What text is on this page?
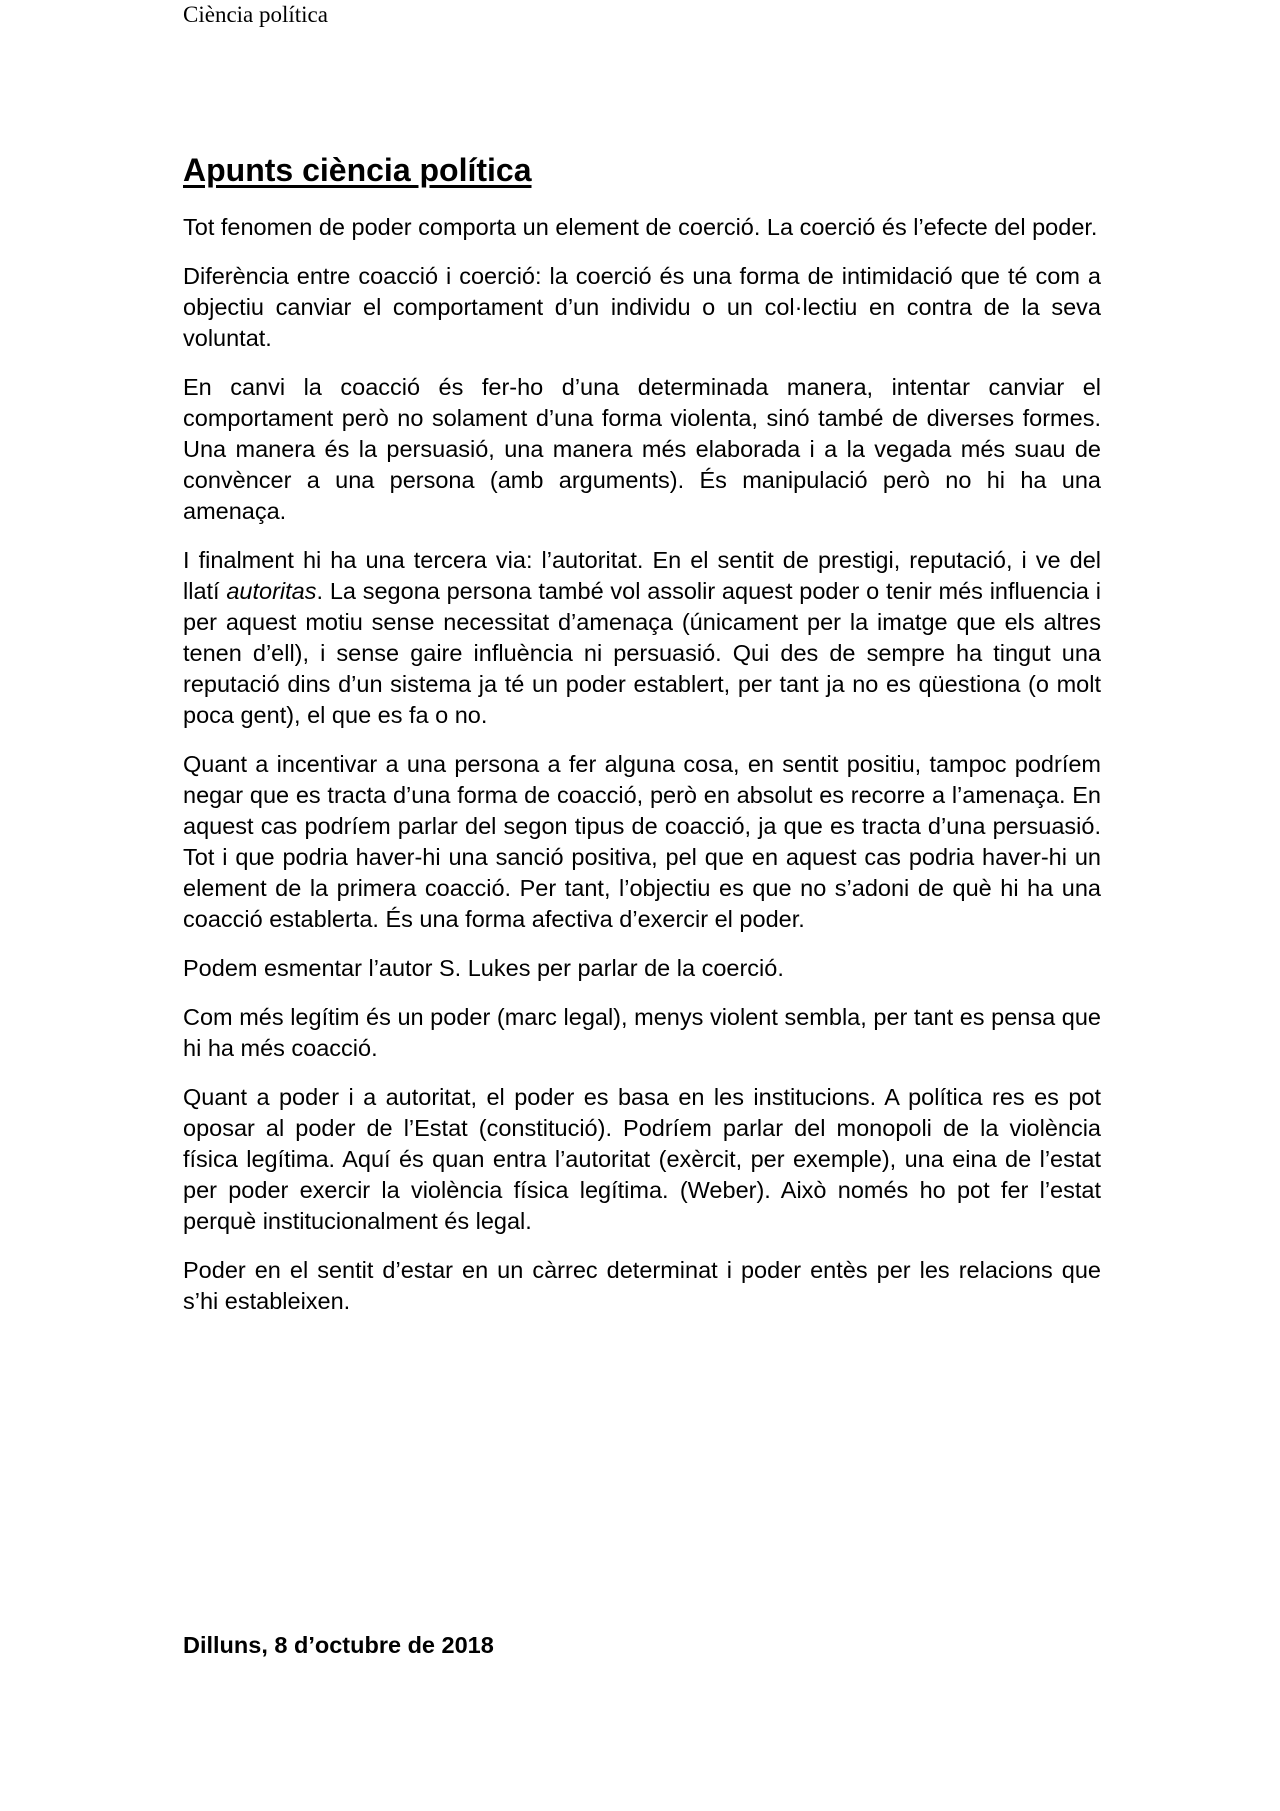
Ciència política
Apunts ciència política

Tot fenomen de poder comporta un element de coerció. La coerció és l’efecte del poder.

Diferència entre coacció i coerció: la coerció és una forma de intimidació que té com a objectiu canviar el comportament d’un individu o un col·lectiu en contra de la seva voluntat.

En canvi la coacció és fer-ho d’una determinada manera, intentar canviar el comportament però no solament d’una forma violenta, sinó també de diverses formes. Una manera és la persuasió, una manera més elaborada i a la vegada més suau de convèncer a una persona (amb arguments). És manipulació però no hi ha una amenaça.

I finalment hi ha una tercera via: l’autoritat. En el sentit de prestigi, reputació, i ve del llatí autoritas. La segona persona també vol assolir aquest poder o tenir més influencia i per aquest motiu sense necessitat d’amenaça (únicament per la imatge que els altres tenen d’ell), i sense gaire influència ni persuasió. Qui des de sempre ha tingut una reputació dins d’un sistema ja té un poder establert, per tant ja no es qüestiona (o molt poca gent), el que es fa o no.

Quant a incentivar a una persona a fer alguna cosa, en sentit positiu, tampoc podríem negar que es tracta d’una forma de coacció, però en absolut es recorre a l’amenaça. En aquest cas podríem parlar del segon tipus de coacció, ja que es tracta d’una persuasió. Tot i que podria haver-hi una sanció positiva, pel que en aquest cas podria haver-hi un element de la primera coacció. Per tant, l’objectiu es que no s’adoni de què hi ha una coacció establerta. És una forma afectiva d’exercir el poder.

Podem esmentar l’autor S. Lukes per parlar de la coerció.

Com més legítim és un poder (marc legal), menys violent sembla, per tant es pensa que hi ha més coacció.

Quant a poder i a autoritat, el poder es basa en les institucions. A política res es pot oposar al poder de l’Estat (constitució). Podríem parlar del monopoli de la violència física legítima. Aquí és quan entra l’autoritat (exèrcit, per exemple), una eina de l’estat per poder exercir la violència física legítima. (Weber). Això només ho pot fer l’estat perquè institucionalment és legal.

Poder en el sentit d’estar en un càrrec determinat i poder entès per les relacions que s’hi estableixen.

Dilluns, 8 d’octubre de 2018
